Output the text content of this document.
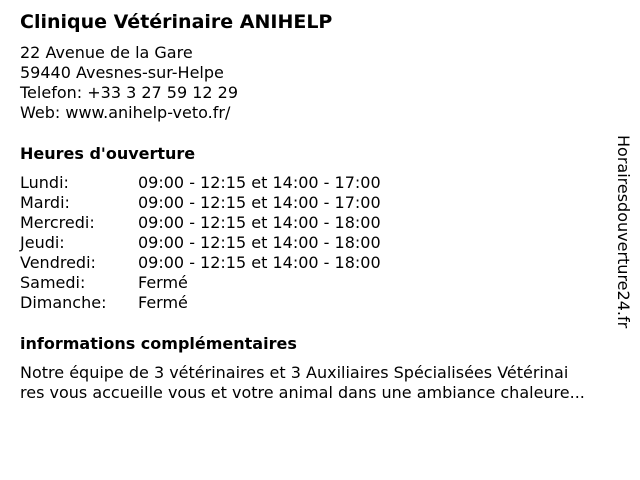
Clinique Vétérinaire ANIHELP
22 Avenue de la Gare
59440 Avesnes-sur-Helpe
Telefon: +33 3 27 59 12 29
Web: www.anihelp-veto.fr/
Heures d'ouverture
Lundi:	09:00 - 12:15 et 14:00 - 17:00
Mardi:	09:00 - 12:15 et 14:00 - 17:00
Mercredi:	09:00 - 12:15 et 14:00 - 18:00
Jeudi:	09:00 - 12:15 et 14:00 - 18:00
Vendredi:	09:00 - 12:15 et 14:00 - 18:00
Samedi:	Fermé
Dimanche:	Fermé
informations complémentaires
Notre équipe de 3 vétérinaires et 3 Auxiliaires Spécialisées Vétérinai
res vous accueille vous et votre animal dans une ambiance chaleure...
Horairesdouverture24.fr
